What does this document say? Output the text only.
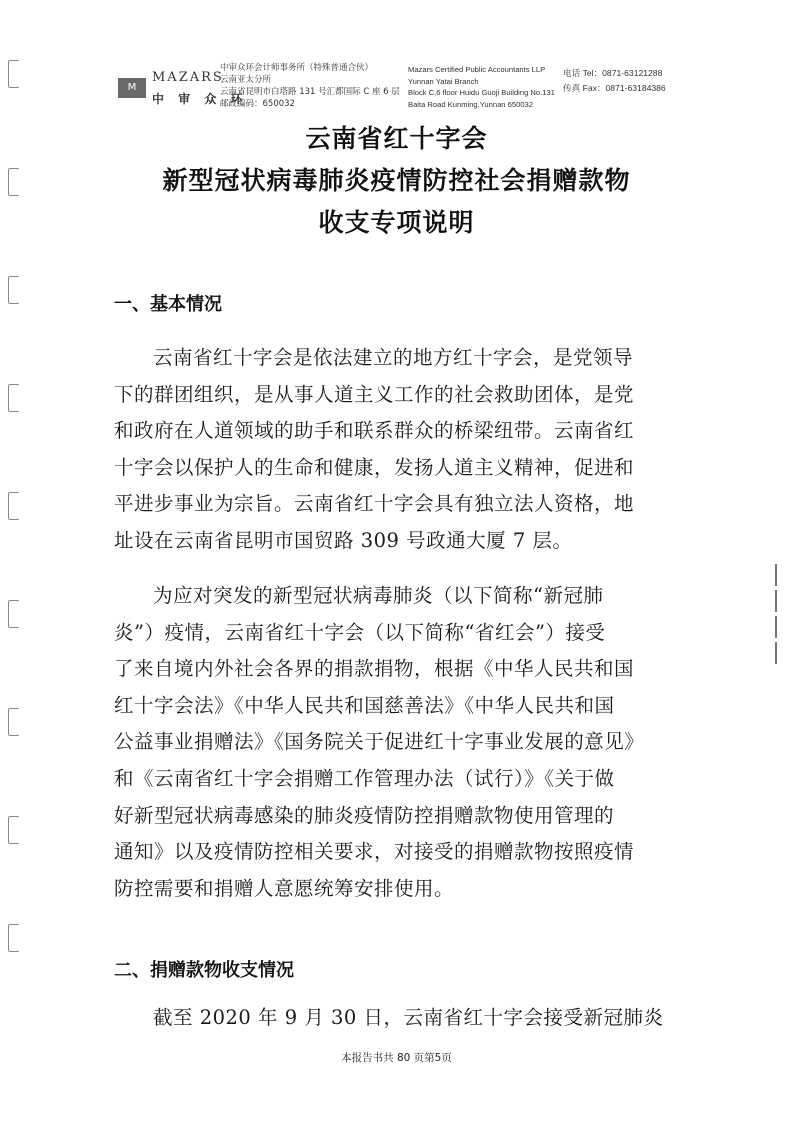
M
MAZARS
中 审 众 环
中审众环会计师事务所（特殊普通合伙）
云南亚太分所
云南省昆明市白塔路 131 号汇都国际 C 座 6 层
邮政编码：650032
Mazars Certified Public Accountants LLP
Yunnan Yatai Branch
Block C,6 floor Huidu Guoji Building No.131
Baita Road Kunming,Yunnan 650032
电话 Tel：0871-63121288
传真 Fax：0871-63184386
云南省红十字会
新型冠状病毒肺炎疫情防控社会捐赠款物
收支专项说明
一、基本情况

云南省红十字会是依法建立的地方红十字会，是党领导
下的群团组织，是从事人道主义工作的社会救助团体，是党
和政府在人道领域的助手和联系群众的桥梁纽带。云南省红
十字会以保护人的生命和健康，发扬人道主义精神，促进和
平进步事业为宗旨。云南省红十字会具有独立法人资格，地
址设在云南省昆明市国贸路 309 号政通大厦 7 层。

为应对突发的新型冠状病毒肺炎（以下简称“新冠肺
炎”）疫情，云南省红十字会（以下简称“省红会”）接受
了来自境内外社会各界的捐款捐物，根据《中华人民共和国
红十字会法》《中华人民共和国慈善法》《中华人民共和国
公益事业捐赠法》《国务院关于促进红十字事业发展的意见》
和《云南省红十字会捐赠工作管理办法（试行）》《关于做
好新型冠状病毒感染的肺炎疫情防控捐赠款物使用管理的
通知》以及疫情防控相关要求，对接受的捐赠款物按照疫情
防控需要和捐赠人意愿统筹安排使用。

二、捐赠款物收支情况

截至 2020 年 9 月 30 日，云南省红十字会接受新冠肺炎

本报告书共 80 页第5页
